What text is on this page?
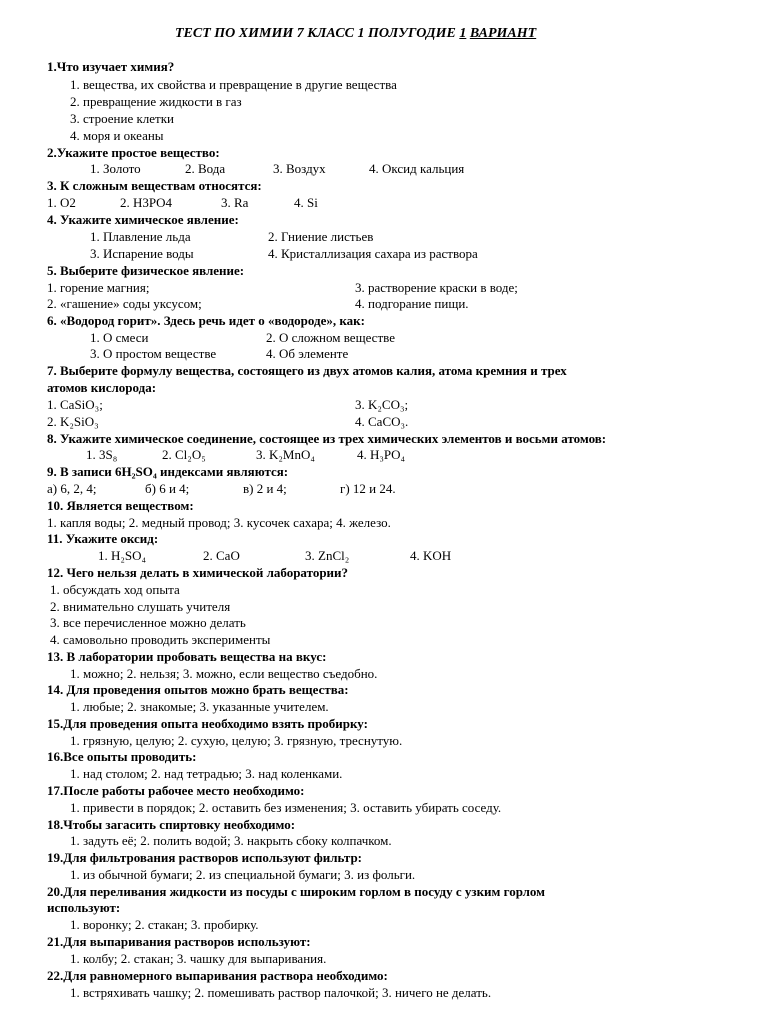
ТЕСТ ПО ХИМИИ 7 КЛАСС 1 ПОЛУГОДИЕ 1 ВАРИАНТ
1.Что изучает химия?
1. вещества, их свойства и превращение в другие вещества
2. превращение жидкости в газ
3. строение клетки
4. моря и океаны
2.Укажите простое вещество:
1. Золото	2. Вода	3. Воздух	4. Оксид кальция
3. К сложным веществам относятся:
1. O2	2. H3PO4	3. Ra	4. Si
4. Укажите химическое явление:
1. Плавление льда	2. Гниение листьев
3. Испарение воды	4. Кристаллизация сахара из раствора
5. Выберите физическое явление:
1. горение магния;	3. растворение краски в воде;
2. «гашение» соды уксусом;	4. подгорание пищи.
6. «Водород горит». Здесь речь идет о «водороде», как:
1. О смеси	2. О сложном веществе
3. О простом веществе	4. Об элементе
7. Выберите формулу вещества, состоящего из двух атомов калия, атома кремния и трех
атомов кислорода:
1. CaSiO₃;	3. K₂CO₃;
2. K₂SiO₃	4. CaCO₃.
8. Укажите химическое соединение, состоящее из трех химических элементов и восьми атомов:
1. 3S₈	2. Cl₂O₅	3. K₂MnO₄	4. H₃PO₄
9. В записи 6H₂SO₄ индексами являются:
а) 6, 2, 4;	б) 6 и 4;	в) 2 и 4;	г) 12 и 24.
10. Является веществом:
1. капля воды; 2. медный провод; 3. кусочек сахара; 4. железо.
11. Укажите оксид:
1. H₂SO₄	2. CaO	3. ZnCl₂	4. KOH
12. Чего нельзя делать в химической лаборатории?
1. обсуждать ход опыта
2. внимательно слушать учителя
3. все перечисленное можно делать
4. самовольно проводить эксперименты
13. В лаборатории пробовать вещества на вкус:
1. можно; 2. нельзя; 3. можно, если вещество съедобно.
14. Для проведения опытов можно брать вещества:
1. любые; 2. знакомые; 3. указанные учителем.
15.Для проведения опыта необходимо взять пробирку:
1. грязную, целую; 2. сухую, целую; 3. грязную, треснутую.
16.Все опыты проводить:
1. над столом; 2. над тетрадью; 3. над коленками.
17.После работы рабочее место необходимо:
1. привести в порядок; 2. оставить без изменения; 3. оставить убирать соседу.
18.Чтобы загасить спиртовку необходимо:
1. задуть её; 2. полить водой; 3. накрыть сбоку колпачком.
19.Для фильтрования растворов используют фильтр:
1. из обычной бумаги; 2. из специальной бумаги; 3. из фольги.
20.Для переливания жидкости из посуды с широким горлом в посуду с узким горлом
используют:
1. воронку; 2. стакан; 3. пробирку.
21.Для выпаривания растворов используют:
1. колбу; 2. стакан; 3. чашку для выпаривания.
22.Для равномерного выпаривания раствора необходимо:
1. встряхивать чашку; 2. помешивать раствор палочкой; 3. ничего не делать.
